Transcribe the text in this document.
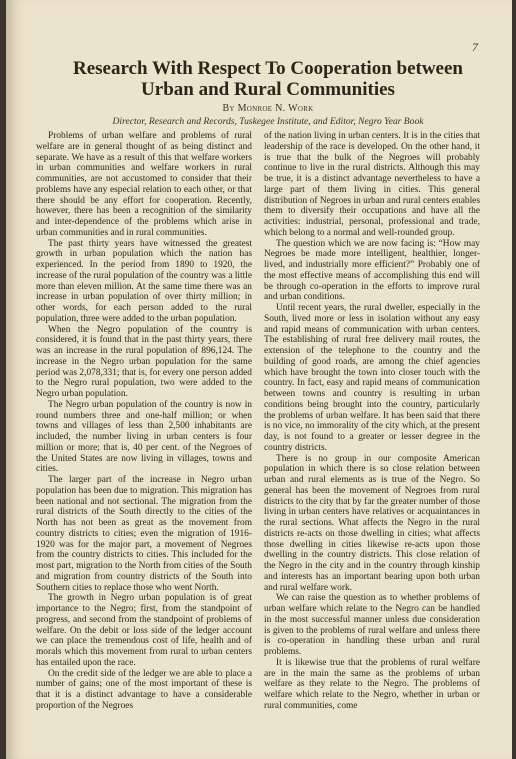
7
Research With Respect To Cooperation between
Urban and Rural Communities
By Monroe N. Work
Director, Research and Records, Tuskegee Institute, and Editor, Negro Year Book

Problems of urban welfare and problems of rural welfare are in general thought of as being distinct and separate. We have as a result of this that welfare workers in urban communities and welfare workers in rural communities, are not accustomed to consider that their problems have any especial relation to each other, or that there should be any effort for cooperation. Recently, however, there has been a recognition of the similarity and inter-dependence of the problems which arise in urban communities and in rural communities.

The past thirty years have witnessed the greatest growth in urban population which the nation has experienced. In the period from 1890 to 1920, the increase of the rural population of the country was a little more than eleven million. At the same time there was an increase in urban population of over thirty million; in other words, for each person added to the rural population, three were added to the urban population.

When the Negro population of the country is considered, it is found that in the past thirty years, there was an increase in the rural population of 896,124. The increase in the Negro urban population for the same period was 2,078,331; that is, for every one person added to the Negro rural population, two were added to the Negro urban population.

The Negro urban population of the country is now in round numbers three and one-half million; or when towns and villages of less than 2,500 inhabitants are included, the number living in urban centers is four million or more; that is, 40 per cent. of the Negroes of the United States are now living in villages, towns and cities.

The larger part of the increase in Negro urban population has been due to migration. This migration has been national and not sectional. The migration from the rural districts of the South directly to the cities of the North has not been as great as the movement from country districts to cities; even the migration of 1916-1920 was for the major part, a movement of Negroes from the country districts to cities. This included for the most part, migration to the North from cities of the South and migration from country districts of the South into Southern cities to replace those who went North.

The growth in Negro urban population is of great importance to the Negro; first, from the standpoint of progress, and second from the standpoint of problems of welfare. On the debit or loss side of the ledger account we can place the tremendous cost of life, health and of morals which this movement from rural to urban centers has entailed upon the race.

On the credit side of the ledger we are able to place a number of gains; one of the most important of these is that it is a distinct advantage to have a considerable proportion of the Negroes

of the nation living in urban centers. It is in the cities that leadership of the race is developed. On the other hand, it is true that the bulk of the Negroes will probably continue to live in the rural districts. Although this may be true, it is a distinct advantage nevertheless to have a large part of them living in cities. This general distribution of Negroes in urban and rural centers enables them to diversify their occupations and have all the activities: industrial, personal, professional and trade, which belong to a normal and well-rounded group.

The question which we are now facing is: “How may Negroes be made more intelligent, healthier, longer-lived, and industrially more efficient?” Probably one of the most effective means of accomplishing this end will be through co-operation in the efforts to improve rural and urban conditions.

Until recent years, the rural dweller, especially in the South, lived more or less in isolation without any easy and rapid means of communication with urban centers. The establishing of rural free delivery mail routes, the extension of the telephone to the country and the building of good roads, are among the chief agencies which have brought the town into closer touch with the country. In fact, easy and rapid means of communication between towns and country is resulting in urban conditions being brought into the country, particularly the problems of urban welfare. It has been said that there is no vice, no immorality of the city which, at the present day, is not found to a greater or lesser degree in the country districts.

There is no group in our composite American population in which there is so close relation between urban and rural elements as is true of the Negro. So general has been the movement of Negroes from rural districts to the city that by far the greater number of those living in urban centers have relatives or acquaintances in the rural sections. What affects the Negro in the rural districts re-acts on those dwelling in cities; what affects those dwelling in cities likewise re-acts upon those dwelling in the country districts. This close relation of the Negro in the city and in the country through kinship and interests has an important bearing upon both urban and rural welfare work.

We can raise the question as to whether problems of urban welfare which relate to the Negro can be handled in the most successful manner unless due consideration is given to the problems of rural welfare and unless there is co-operation in handling these urban and rural problems.

It is likewise true that the problems of rural welfare are in the main the same as the problems of urban welfare as they relate to the Negro. The problems of welfare which relate to the Negro, whether in urban or rural communities, come
